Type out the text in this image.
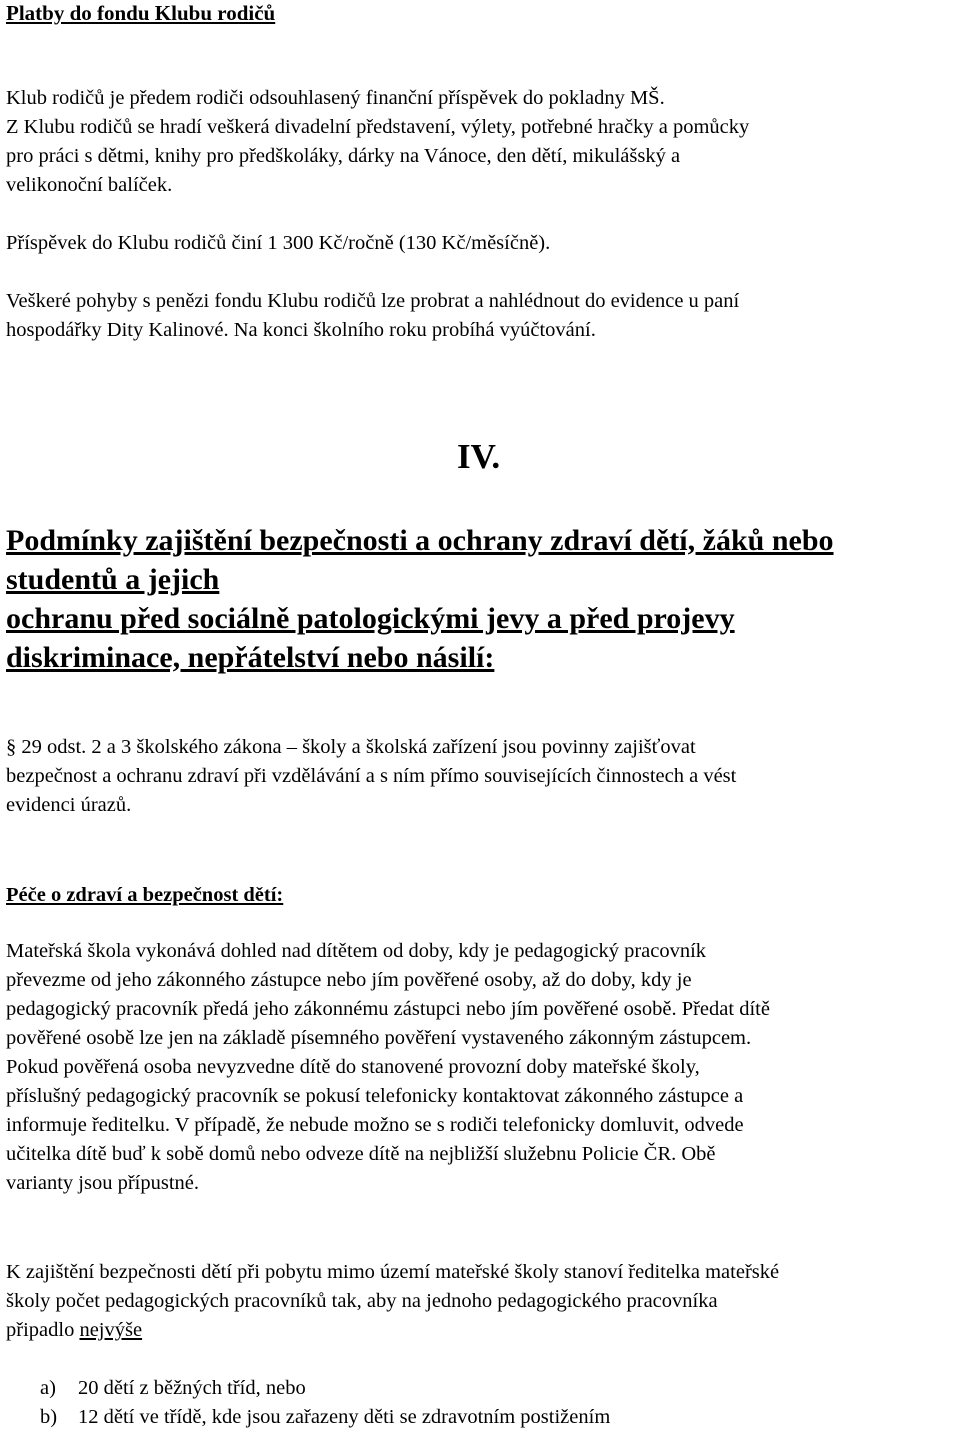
Platby do fondu Klubu rodičů
Klub rodičů je předem rodiči odsouhlasený finanční příspěvek do pokladny MŠ.
Z Klubu rodičů se hradí veškerá divadelní představení, výlety, potřebné hračky a pomůcky
pro práci s dětmi, knihy pro předškoláky, dárky na Vánoce, den dětí, mikulášský a
velikonoční balíček.
Příspěvek do Klubu rodičů činí 1 300 Kč/ročně (130 Kč/měsíčně).
Veškeré pohyby s penězi fondu Klubu rodičů lze probrat a nahlédnout do evidence u paní
hospodářky Dity Kalinové. Na konci školního roku probíhá vyúčtování.
IV.
Podmínky zajištění bezpečnosti a ochrany zdraví dětí, žáků nebo
studentů a jejich
ochranu před sociálně patologickými jevy a před projevy
diskriminace, nepřátelství nebo násilí:
§ 29 odst. 2 a 3 školského zákona – školy a školská zařízení jsou povinny zajišťovat
bezpečnost a ochranu zdraví při vzdělávání a s ním přímo souvisejících činnostech a vést
evidenci úrazů.
Péče o zdraví a bezpečnost dětí:
Mateřská škola vykonává dohled nad dítětem od doby, kdy je pedagogický pracovník
převezme od jeho zákonného zástupce nebo jím pověřené osoby, až do doby, kdy je
pedagogický pracovník předá jeho zákonnému zástupci nebo jím pověřené osobě. Předat dítě
pověřené osobě lze jen na základě písemného pověření vystaveného zákonným zástupcem.
Pokud pověřená osoba nevyzvedne dítě do stanovené provozní doby mateřské školy,
příslušný pedagogický pracovník se pokusí telefonicky kontaktovat zákonného zástupce a
informuje ředitelku. V případě, že nebude možno se s rodiči telefonicky domluvit, odvede
učitelka dítě buď k sobě domů nebo odveze dítě na nejbližší služebnu Policie ČR. Obě
varianty jsou přípustné.
K zajištění bezpečnosti dětí při pobytu mimo území mateřské školy stanoví ředitelka mateřské
školy počet pedagogických pracovníků tak, aby na jednoho pedagogického pracovníka
připadlo nejvýše
a) 20 dětí z běžných tříd, nebo
b) 12 dětí ve třídě, kde jsou zařazeny děti se zdravotním postižením
